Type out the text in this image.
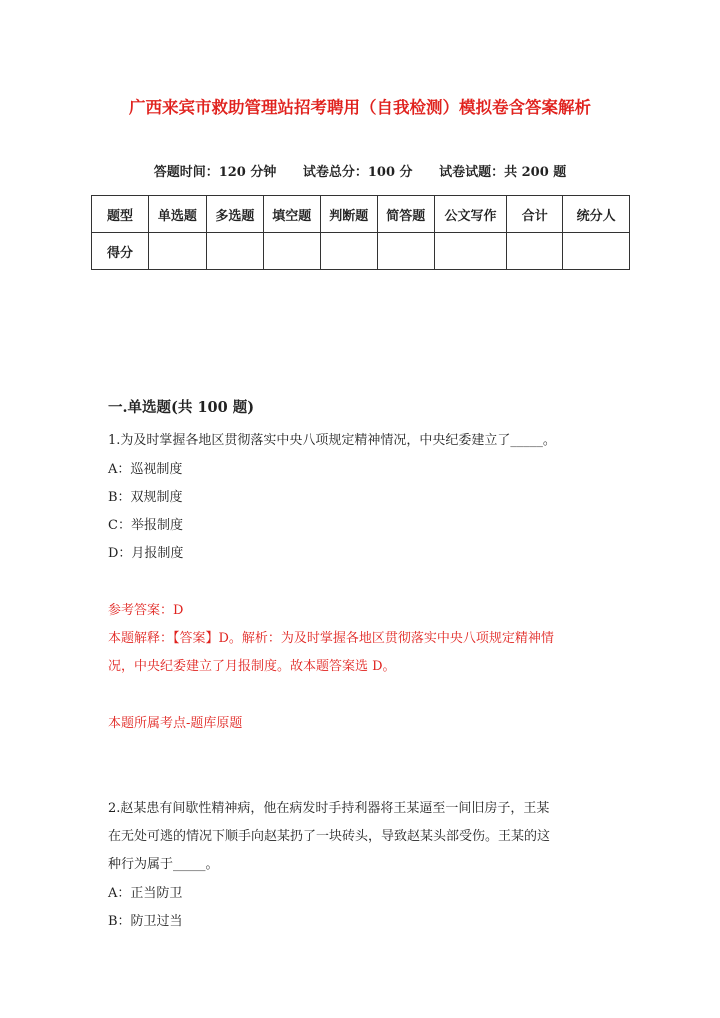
广西来宾市救助管理站招考聘用（自我检测）模拟卷含答案解析
答题时间：120 分钟 试卷总分：100 分 试卷试题：共 200 题
题型	单选题	多选题	填空题	判断题	简答题	公文写作	合计	统分人
得分								
一.单选题(共 100 题)
1.为及时掌握各地区贯彻落实中央八项规定精神情况，中央纪委建立了_____。
A：巡视制度
B：双规制度
C：举报制度
D：月报制度
参考答案：D
本题解释：【答案】D。解析：为及时掌握各地区贯彻落实中央八项规定精神情
况，中央纪委建立了月报制度。故本题答案选 D。
本题所属考点-题库原题
2.赵某患有间歇性精神病，他在病发时手持利器将王某逼至一间旧房子，王某
在无处可逃的情况下顺手向赵某扔了一块砖头，导致赵某头部受伤。王某的这
种行为属于_____。
A：正当防卫
B：防卫过当
